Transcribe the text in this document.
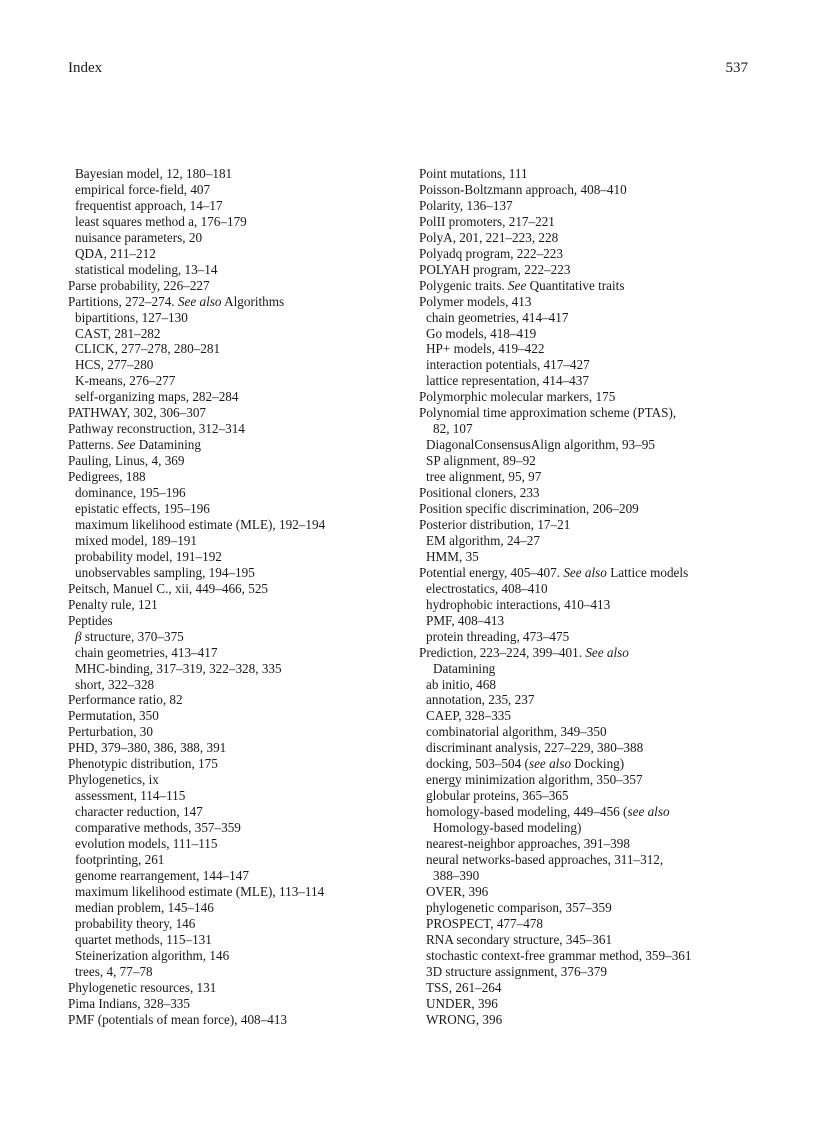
Index	537
Bayesian model, 12, 180–181
empirical force-field, 407
frequentist approach, 14–17
least squares method a, 176–179
nuisance parameters, 20
QDA, 211–212
statistical modeling, 13–14
Parse probability, 226–227
Partitions, 272–274. See also Algorithms
bipartitions, 127–130
CAST, 281–282
CLICK, 277–278, 280–281
HCS, 277–280
K-means, 276–277
self-organizing maps, 282–284
PATHWAY, 302, 306–307
Pathway reconstruction, 312–314
Patterns. See Datamining
Pauling, Linus, 4, 369
Pedigrees, 188
dominance, 195–196
epistatic effects, 195–196
maximum likelihood estimate (MLE), 192–194
mixed model, 189–191
probability model, 191–192
unobservables sampling, 194–195
Peitsch, Manuel C., xii, 449–466, 525
Penalty rule, 121
Peptides
β structure, 370–375
chain geometries, 413–417
MHC-binding, 317–319, 322–328, 335
short, 322–328
Performance ratio, 82
Permutation, 350
Perturbation, 30
PHD, 379–380, 386, 388, 391
Phenotypic distribution, 175
Phylogenetics, ix
assessment, 114–115
character reduction, 147
comparative methods, 357–359
evolution models, 111–115
footprinting, 261
genome rearrangement, 144–147
maximum likelihood estimate (MLE), 113–114
median problem, 145–146
probability theory, 146
quartet methods, 115–131
Steinerization algorithm, 146
trees, 4, 77–78
Phylogenetic resources, 131
Pima Indians, 328–335
PMF (potentials of mean force), 408–413
Point mutations, 111
Poisson-Boltzmann approach, 408–410
Polarity, 136–137
PolII promoters, 217–221
PolyA, 201, 221–223, 228
Polyadq program, 222–223
POLYAH program, 222–223
Polygenic traits. See Quantitative traits
Polymer models, 413
chain geometries, 414–417
Go models, 418–419
HP+ models, 419–422
interaction potentials, 417–427
lattice representation, 414–437
Polymorphic molecular markers, 175
Polynomial time approximation scheme (PTAS),
82, 107
DiagonalConsensusAlign algorithm, 93–95
SP alignment, 89–92
tree alignment, 95, 97
Positional cloners, 233
Position specific discrimination, 206–209
Posterior distribution, 17–21
EM algorithm, 24–27
HMM, 35
Potential energy, 405–407. See also Lattice models
electrostatics, 408–410
hydrophobic interactions, 410–413
PMF, 408–413
protein threading, 473–475
Prediction, 223–224, 399–401. See also
Datamining
ab initio, 468
annotation, 235, 237
CAEP, 328–335
combinatorial algorithm, 349–350
discriminant analysis, 227–229, 380–388
docking, 503–504 (see also Docking)
energy minimization algorithm, 350–357
globular proteins, 365–365
homology-based modeling, 449–456 (see also
Homology-based modeling)
nearest-neighbor approaches, 391–398
neural networks-based approaches, 311–312,
388–390
OVER, 396
phylogenetic comparison, 357–359
PROSPECT, 477–478
RNA secondary structure, 345–361
stochastic context-free grammar method, 359–361
3D structure assignment, 376–379
TSS, 261–264
UNDER, 396
WRONG, 396
